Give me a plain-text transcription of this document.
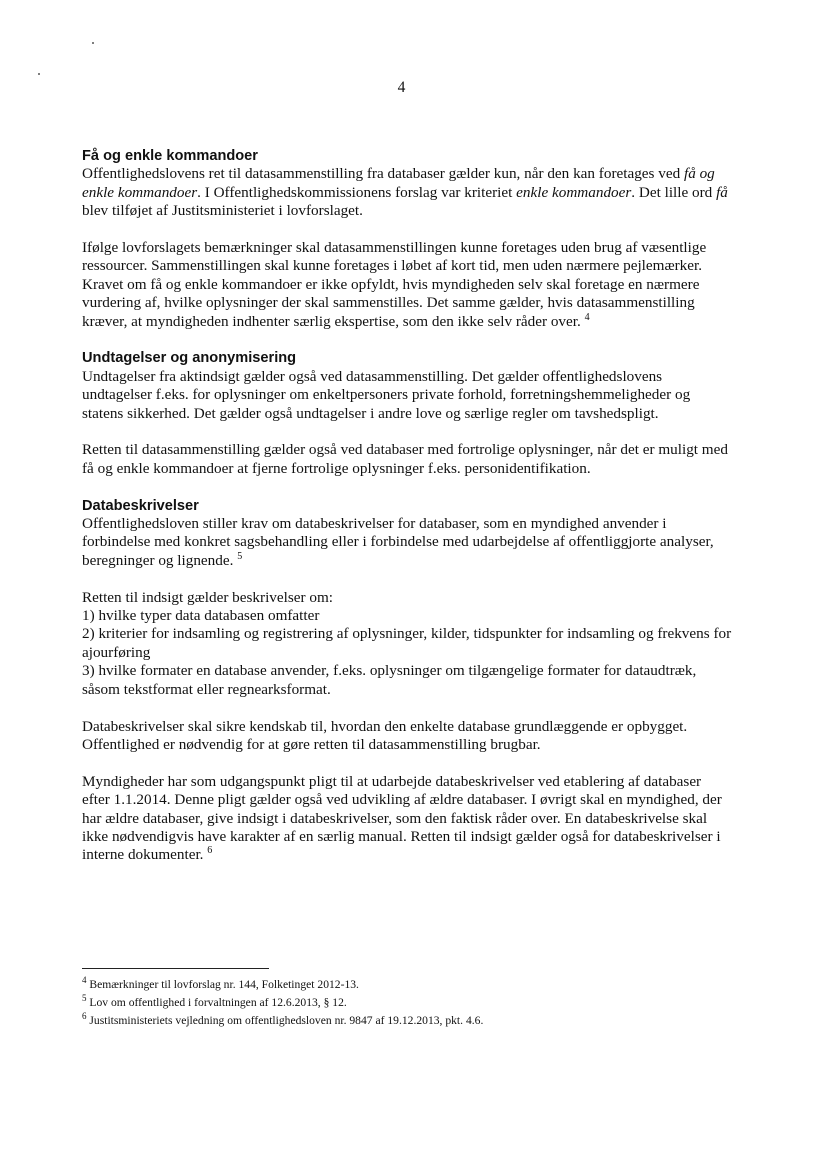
4
Få og enkle kommandoer

Offentlighedslovens ret til datasammenstilling fra databaser gælder kun, når den kan foretages ved få og enkle kommandoer. I Offentlighedskommissionens forslag var kriteriet enkle kommandoer. Det lille ord få blev tilføjet af Justitsministeriet i lovforslaget.

Ifølge lovforslagets bemærkninger skal datasammenstillingen kunne foretages uden brug af væsentlige ressourcer. Sammenstillingen skal kunne foretages i løbet af kort tid, men uden nærmere pejlemærker. Kravet om få og enkle kommandoer er ikke opfyldt, hvis myndigheden selv skal foretage en nærmere vurdering af, hvilke oplysninger der skal sammenstilles. Det samme gælder, hvis datasammenstilling kræver, at myndigheden indhenter særlig ekspertise, som den ikke selv råder over. $^4$

Undtagelser og anonymisering

Undtagelser fra aktindsigt gælder også ved datasammenstilling. Det gælder offentlighedslovens undtagelser f.eks. for oplysninger om enkeltpersoners private forhold, forretningshemmeligheder og statens sikkerhed. Det gælder også undtagelser i andre love og særlige regler om tavshedspligt.

Retten til datasammenstilling gælder også ved databaser med fortrolige oplysninger, når det er muligt med få og enkle kommandoer at fjerne fortrolige oplysninger f.eks. personidentifikation.

Databeskrivelser

Offentlighedsloven stiller krav om databeskrivelser for databaser, som en myndighed anvender i forbindelse med konkret sagsbehandling eller i forbindelse med udarbejdelse af offentliggjorte analyser, beregninger og lignende. $^5$

Retten til indsigt gælder beskrivelser om:

1) hvilke typer data databasen omfatter
2) kriterier for indsamling og registrering af oplysninger, kilder, tidspunkter for indsamling og frekvens for ajourføring
3) hvilke formater en database anvender, f.eks. oplysninger om tilgængelige formater for dataudtræk, såsom tekstformat eller regnearksformat.

Databeskrivelser skal sikre kendskab til, hvordan den enkelte database grundlæggende er opbygget. Offentlighed er nødvendig for at gøre retten til datasammenstilling brugbar.

Myndigheder har som udgangspunkt pligt til at udarbejde databeskrivelser ved etablering af databaser efter 1.1.2014. Denne pligt gælder også ved udvikling af ældre databaser. I øvrigt skal en myndighed, der har ældre databaser, give indsigt i databeskrivelser, som den faktisk råder over. En databeskrivelse skal ikke nødvendigvis have karakter af en særlig manual. Retten til indsigt gælder også for databeskrivelser i interne dokumenter. $^6$

$^4$ Bemærkninger til lovforslag nr. 144, Folketinget 2012-13.

$^5$ Lov om offentlighed i forvaltningen af 12.6.2013, § 12.

$^6$ Justitsministeriets vejledning om offentlighedsloven nr. 9847 af 19.12.2013, pkt. 4.6.
